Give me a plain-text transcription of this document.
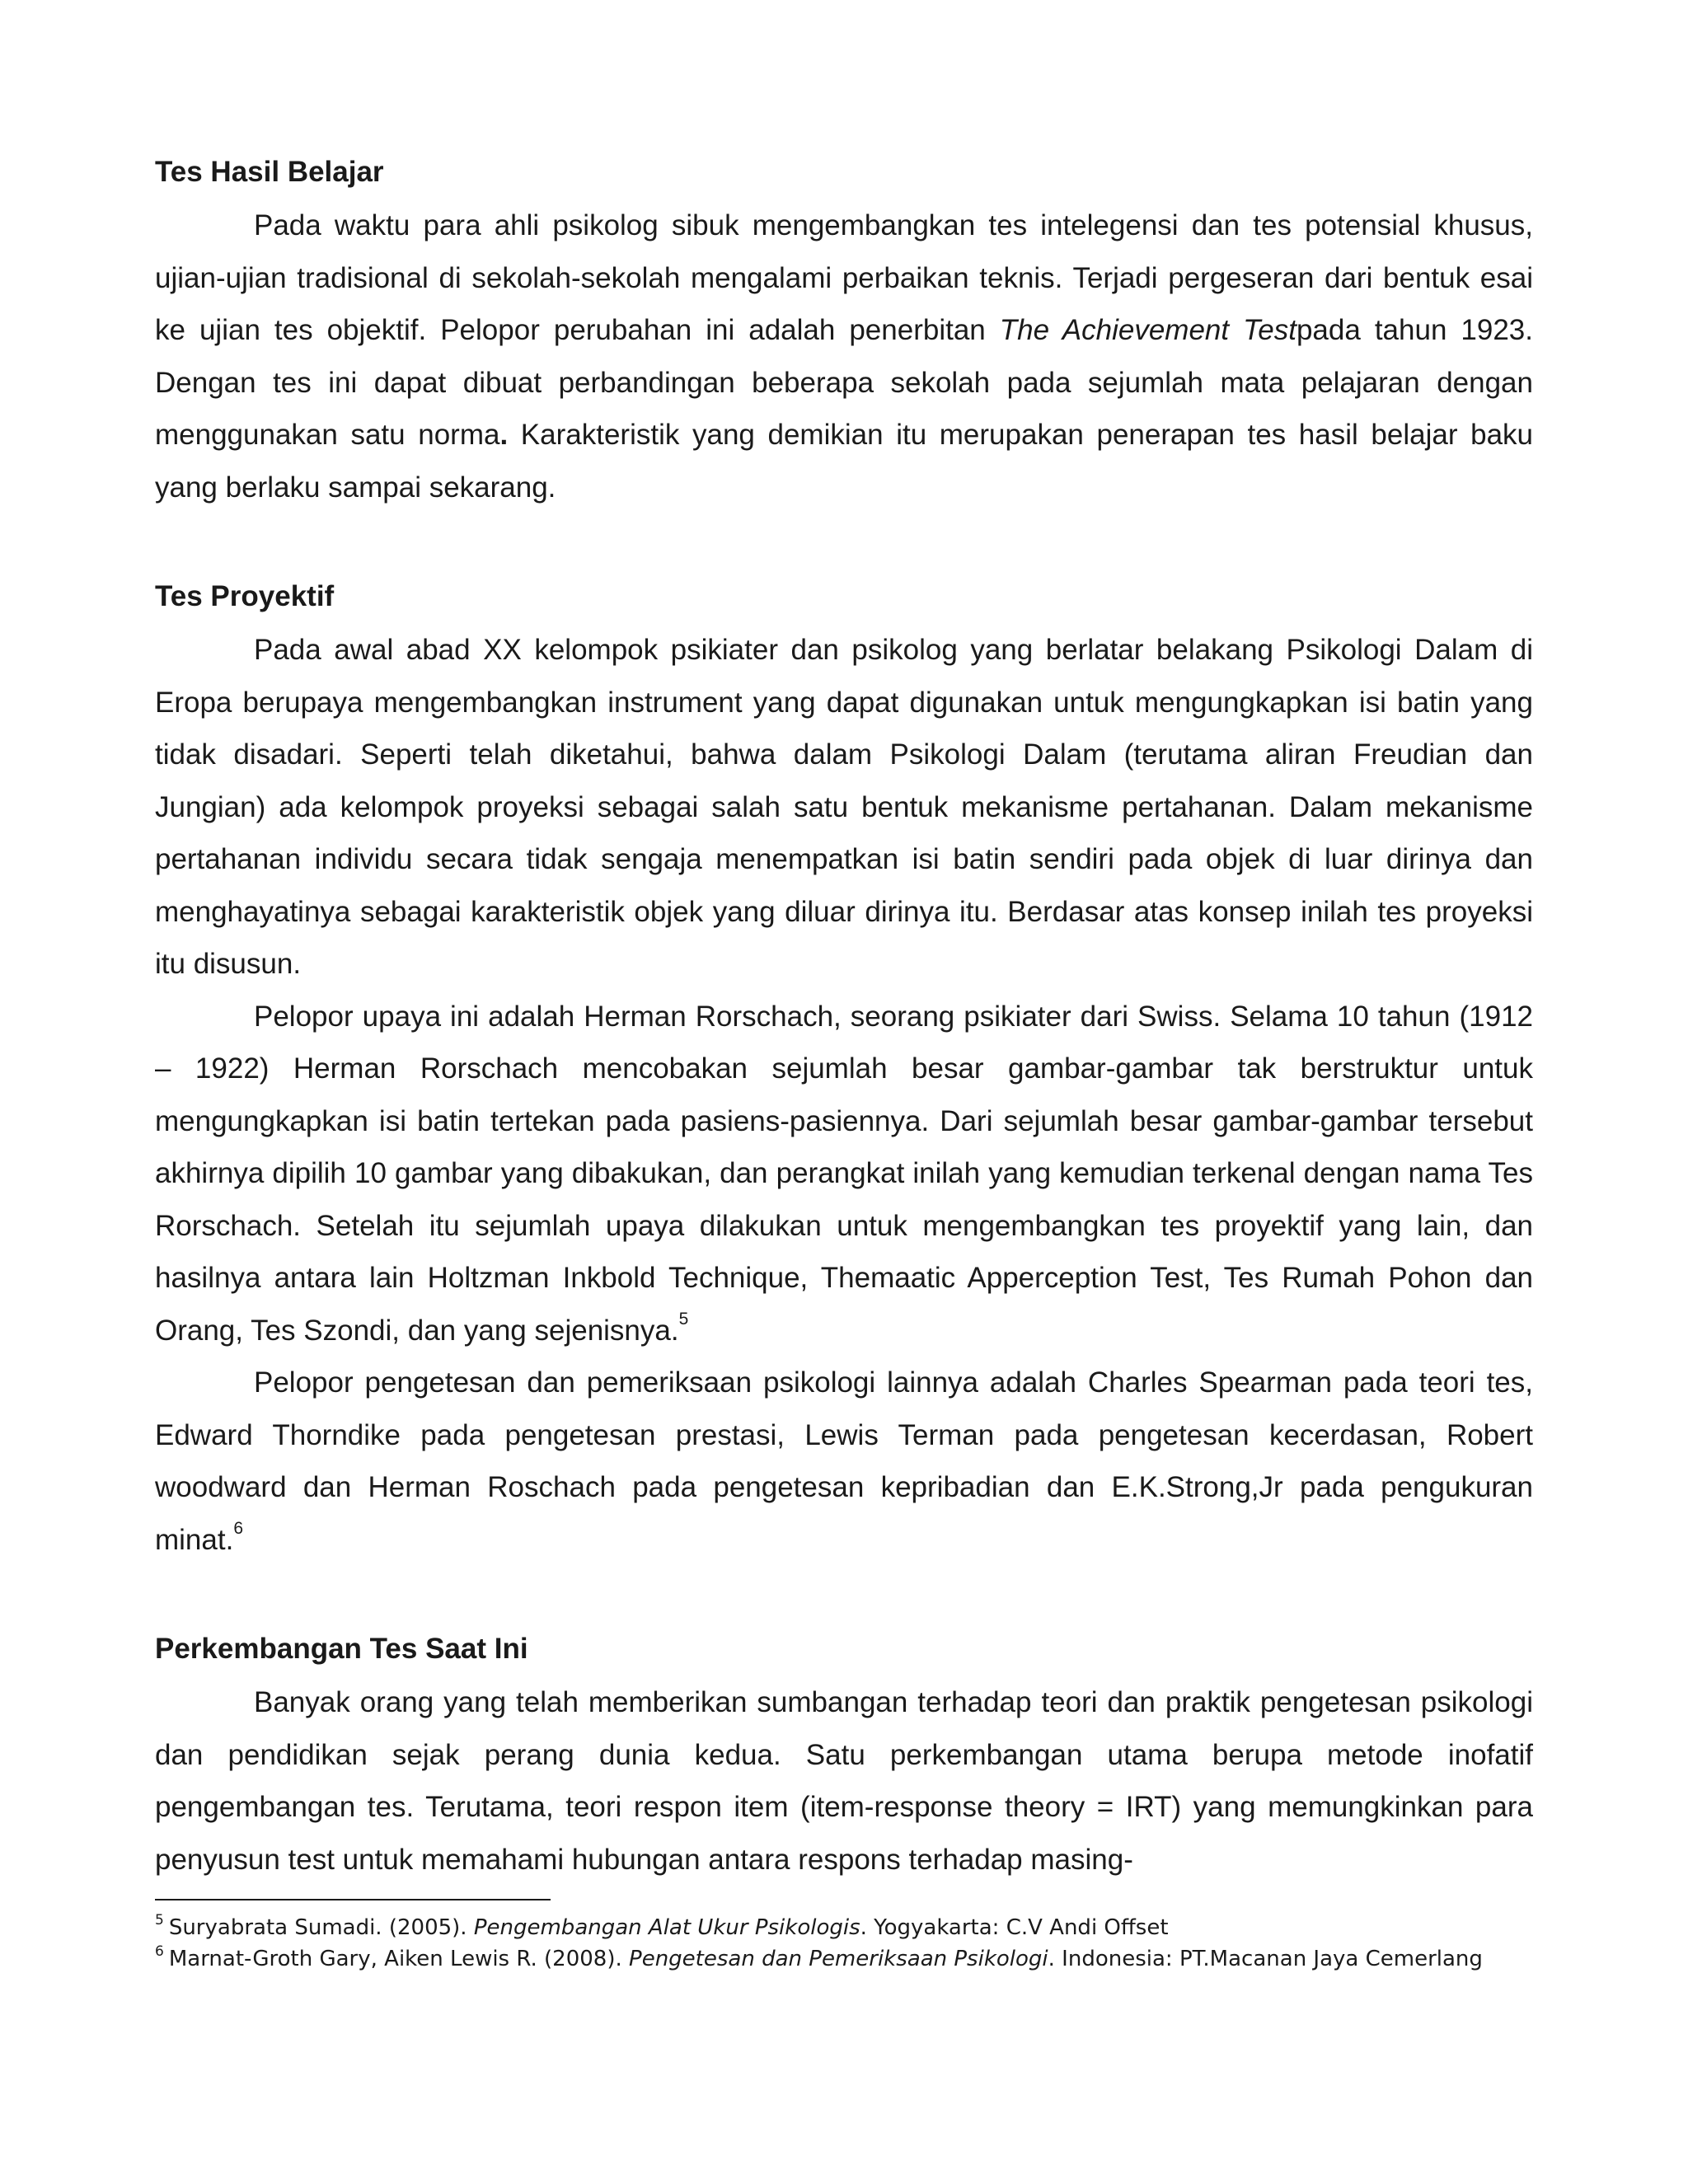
Tes Hasil Belajar

Pada waktu para ahli psikolog sibuk mengembangkan tes intelegensi dan tes potensial khusus, ujian-ujian tradisional di sekolah-sekolah mengalami perbaikan teknis. Terjadi pergeseran dari bentuk esai ke ujian tes objektif. Pelopor perubahan ini adalah penerbitan The Achievement Testpada tahun 1923. Dengan tes ini dapat dibuat perbandingan beberapa sekolah pada sejumlah mata pelajaran dengan menggunakan satu norma. Karakteristik yang demikian itu merupakan penerapan tes hasil belajar baku yang berlaku sampai sekarang.

Tes Proyektif

Pada awal abad XX kelompok psikiater dan psikolog yang berlatar belakang Psikologi Dalam di Eropa berupaya mengembangkan instrument yang dapat digunakan untuk mengungkapkan isi batin yang tidak disadari. Seperti telah diketahui, bahwa dalam Psikologi Dalam (terutama aliran Freudian dan Jungian) ada kelompok proyeksi sebagai salah satu bentuk mekanisme pertahanan. Dalam mekanisme pertahanan individu secara tidak sengaja menempatkan isi batin sendiri pada objek di luar dirinya dan menghayatinya sebagai karakteristik objek yang diluar dirinya itu. Berdasar atas konsep inilah tes proyeksi itu disusun.

Pelopor upaya ini adalah Herman Rorschach, seorang psikiater dari Swiss. Selama 10 tahun (1912 – 1922) Herman Rorschach mencobakan sejumlah besar gambar-gambar tak berstruktur untuk mengungkapkan isi batin tertekan pada pasiens-pasiennya. Dari sejumlah besar gambar-gambar tersebut akhirnya dipilih 10 gambar yang dibakukan, dan perangkat inilah yang kemudian terkenal dengan nama Tes Rorschach. Setelah itu sejumlah upaya dilakukan untuk mengembangkan tes proyektif yang lain, dan hasilnya antara lain Holtzman Inkbold Technique, Themaatic Apperception Test, Tes Rumah Pohon dan Orang, Tes Szondi, dan yang sejenisnya.$^5$

Pelopor pengetesan dan pemeriksaan psikologi lainnya adalah Charles Spearman pada teori tes, Edward Thorndike pada pengetesan prestasi, Lewis Terman pada pengetesan kecerdasan, Robert woodward dan Herman Roschach pada pengetesan kepribadian dan E.K.Strong,Jr pada pengukuran minat.$^6$

Perkembangan Tes Saat Ini

Banyak orang yang telah memberikan sumbangan terhadap teori dan praktik pengetesan psikologi dan pendidikan sejak perang dunia kedua. Satu perkembangan utama berupa metode inofatif pengembangan tes. Terutama, teori respon item (item-response theory = IRT) yang memungkinkan para penyusun test untuk memahami hubungan antara respons terhadap masing-

$^5$ Suryabrata Sumadi. (2005). Pengembangan Alat Ukur Psikologis. Yogyakarta: C.V Andi Offset

$^6$ Marnat-Groth Gary, Aiken Lewis R. (2008). Pengetesan dan Pemeriksaan Psikologi. Indonesia: PT.Macanan Jaya Cemerlang
